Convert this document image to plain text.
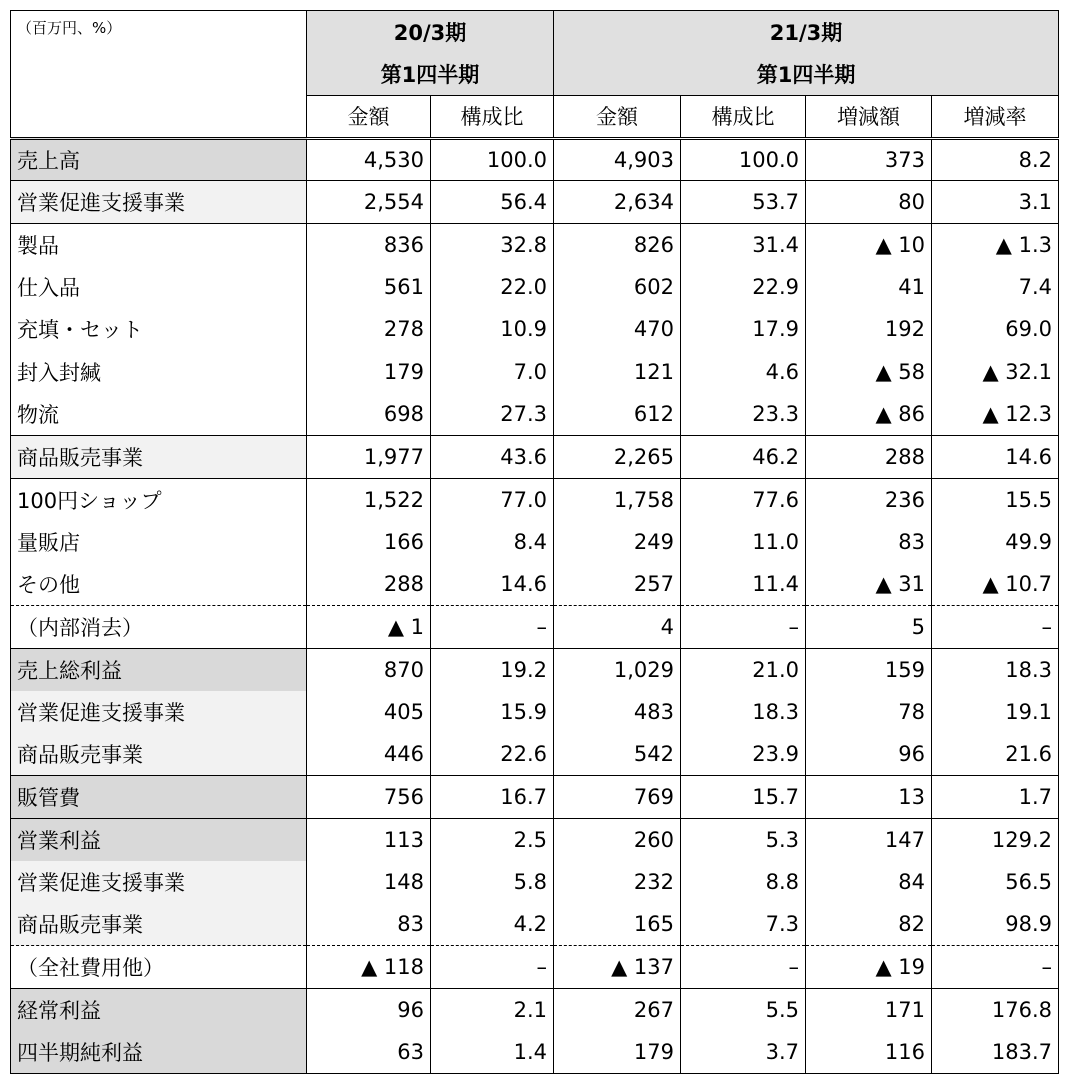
（百万円、%）	20/3期		21/3期			
	第1四半期		第1四半期			
	金額	構成比	金額	構成比	増減額	増減率
売上高	4,530	100.0	4,903	100.0	373	8.2
営業促進支援事業	2,554	56.4	2,634	53.7	80	3.1
製品	836	32.8	826	31.4	▲ 10	▲ 1.3
仕入品	561	22.0	602	22.9	41	7.4
充填・セット	278	10.9	470	17.9	192	69.0
封入封緘	179	7.0	121	4.6	▲ 58	▲ 32.1
物流	698	27.3	612	23.3	▲ 86	▲ 12.3
商品販売事業	1,977	43.6	2,265	46.2	288	14.6
100円ショップ	1,522	77.0	1,758	77.6	236	15.5
量販店	166	8.4	249	11.0	83	49.9
その他	288	14.6	257	11.4	▲ 31	▲ 10.7
（内部消去）	▲ 1	–	4	–	5	–
売上総利益	870	19.2	1,029	21.0	159	18.3
営業促進支援事業	405	15.9	483	18.3	78	19.1
商品販売事業	446	22.6	542	23.9	96	21.6
販管費	756	16.7	769	15.7	13	1.7
営業利益	113	2.5	260	5.3	147	129.2
営業促進支援事業	148	5.8	232	8.8	84	56.5
商品販売事業	83	4.2	165	7.3	82	98.9
（全社費用他）	▲ 118	–	▲ 137	–	▲ 19	–
経常利益	96	2.1	267	5.5	171	176.8
四半期純利益	63	1.4	179	3.7	116	183.7
